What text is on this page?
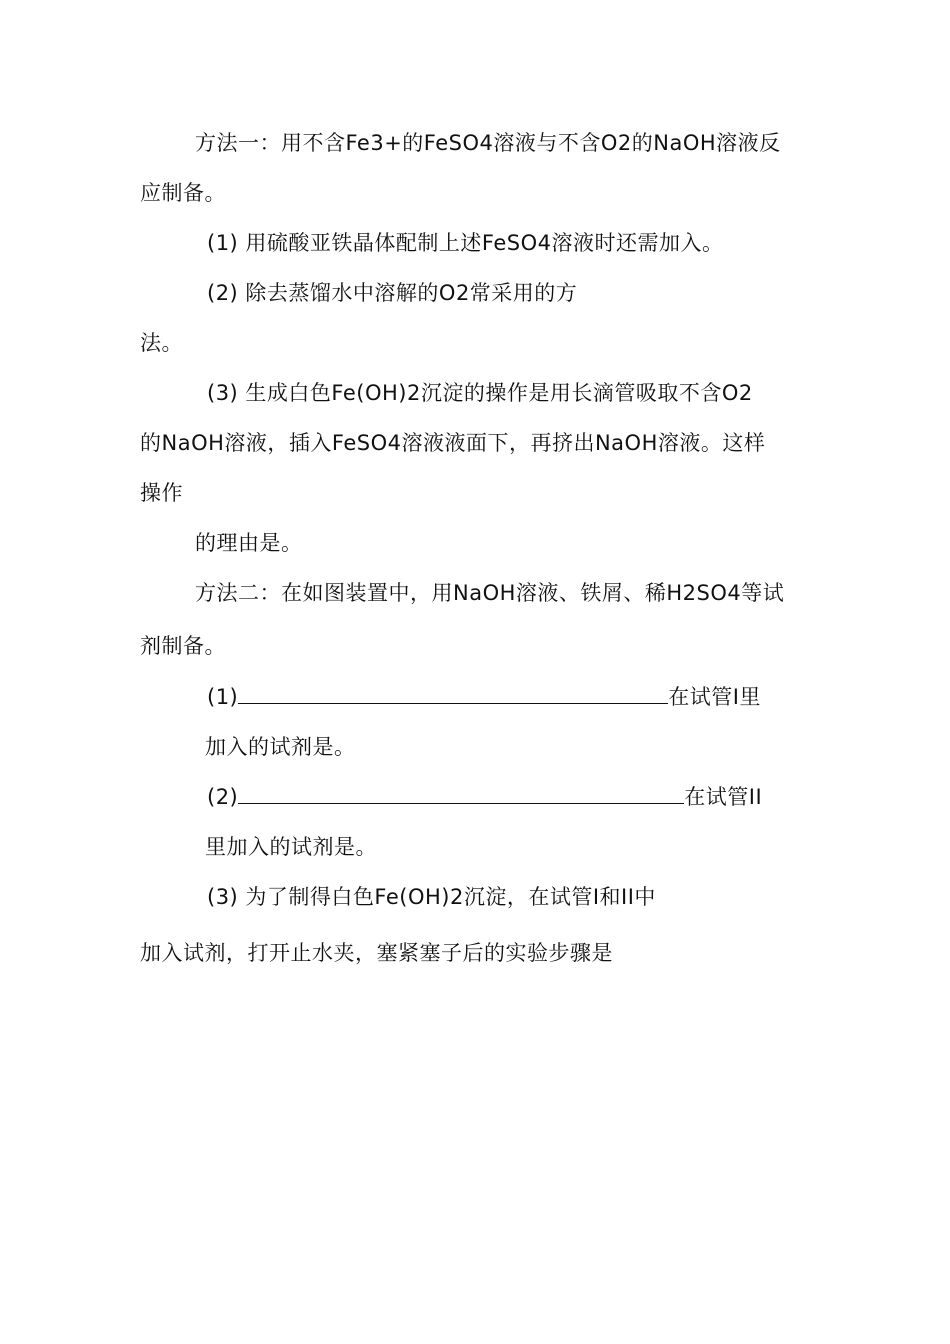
方法一：用不含Fe3+的FeSO4溶液与不含O2的NaOH溶液反
应制备。
(1) 用硫酸亚铁晶体配制上述FeSO4溶液时还需加入。
(2) 除去蒸馏水中溶解的O2常采用的方
法。
(3) 生成白色Fe(OH)2沉淀的操作是用长滴管吸取不含O2
的NaOH溶液，插入FeSO4溶液液面下，再挤出NaOH溶液。这样
操作
的理由是。
方法二：在如图装置中，用NaOH溶液、铁屑、稀H2SO4等试
剂制备。
(1)	在试管Ⅰ里
加入的试剂是。
(2)	在试管II
里加入的试剂是。
(3) 为了制得白色Fe(OH)2沉淀，在试管Ⅰ和II中
加入试剂，打开止水夹，塞紧塞子后的实验步骤是
